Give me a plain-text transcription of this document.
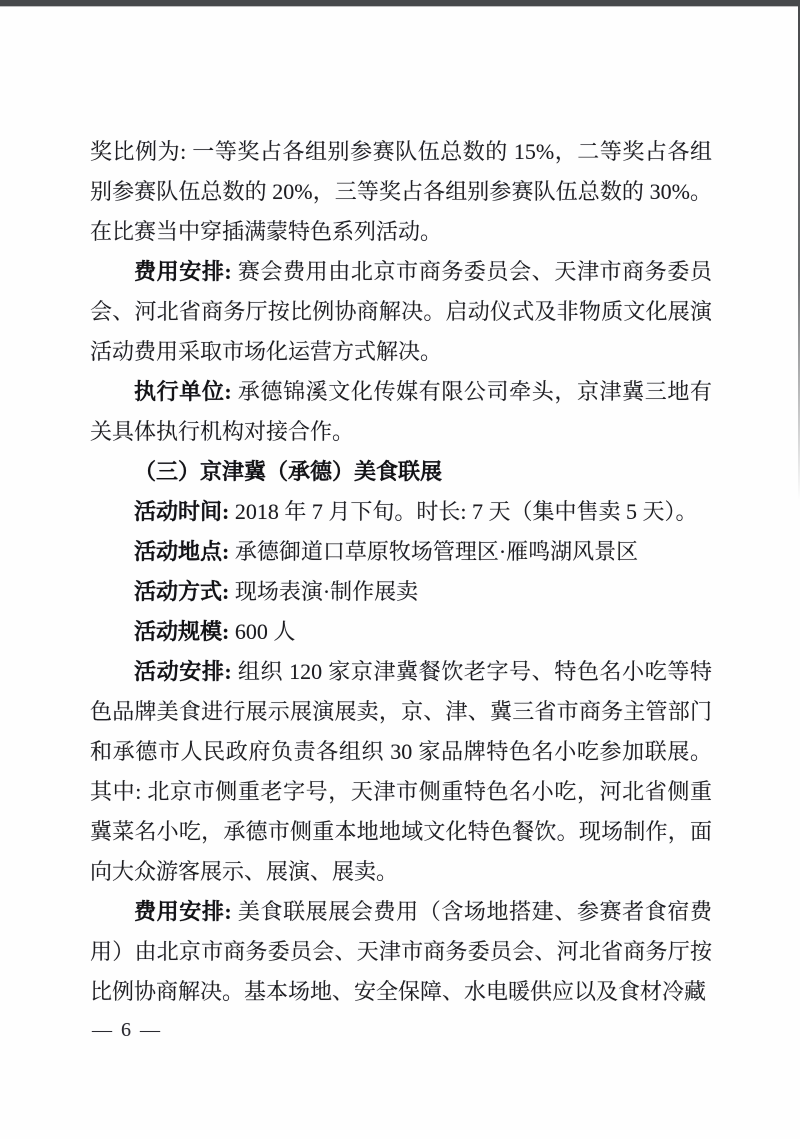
奖比例为: 一等奖占各组别参赛队伍总数的 15%，二等奖占各组别参赛队伍总数的 20%，三等奖占各组别参赛队伍总数的 30%。在比赛当中穿插满蒙特色系列活动。

费用安排: 赛会费用由北京市商务委员会、天津市商务委员会、河北省商务厅按比例协商解决。启动仪式及非物质文化展演活动费用采取市场化运营方式解决。

执行单位: 承德锦溪文化传媒有限公司牵头，京津冀三地有关具体执行机构对接合作。

（三）京津冀（承德）美食联展

活动时间: 2018 年 7 月下旬。时长: 7 天（集中售卖 5 天）。

活动地点: 承德御道口草原牧场管理区·雁鸣湖风景区

活动方式: 现场表演·制作展卖

活动规模: 600 人

活动安排: 组织 120 家京津冀餐饮老字号、特色名小吃等特色品牌美食进行展示展演展卖，京、津、冀三省市商务主管部门和承德市人民政府负责各组织 30 家品牌特色名小吃参加联展。其中: 北京市侧重老字号，天津市侧重特色名小吃，河北省侧重冀菜名小吃，承德市侧重本地地域文化特色餐饮。现场制作，面向大众游客展示、展演、展卖。

费用安排: 美食联展展会费用（含场地搭建、参赛者食宿费用）由北京市商务委员会、天津市商务委员会、河北省商务厅按比例协商解决。基本场地、安全保障、水电暖供应以及食材冷藏

— 6 —
